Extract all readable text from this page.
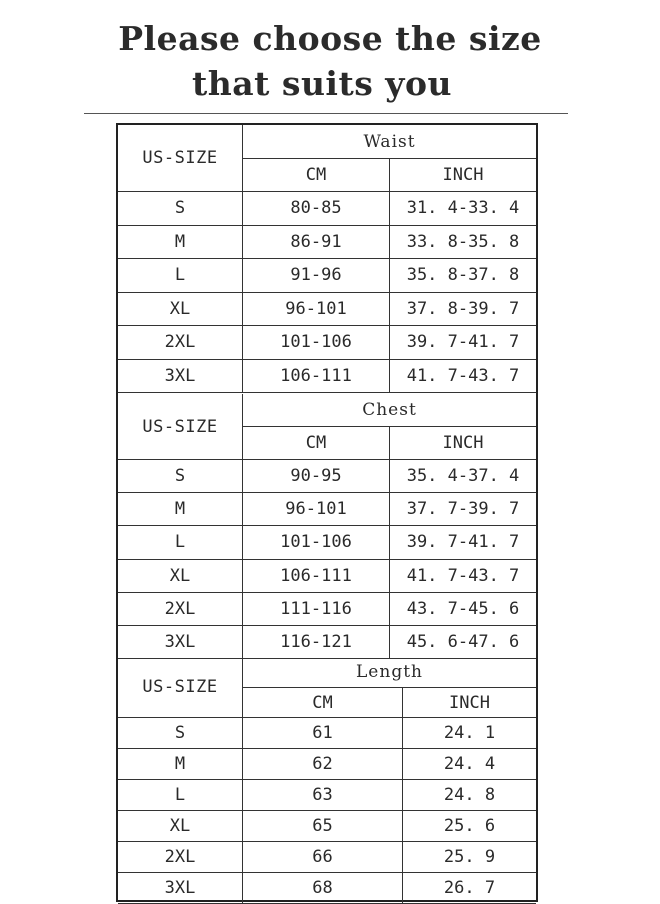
Please choose the size
that suits you
US-SIZE
Waist
CM	INCH
S	80-85	31. 4-33. 4
M	86-91	33. 8-35. 8
L	91-96	35. 8-37. 8
XL	96-101	37. 8-39. 7
2XL	101-106	39. 7-41. 7
3XL	106-111	41. 7-43. 7
US-SIZE
Chest
CM	INCH
S	90-95	35. 4-37. 4
M	96-101	37. 7-39. 7
L	101-106	39. 7-41. 7
XL	106-111	41. 7-43. 7
2XL	111-116	43. 7-45. 6
3XL	116-121	45. 6-47. 6
US-SIZE
Length
CM	INCH
S	61	24. 1
M	62	24. 4
L	63	24. 8
XL	65	25. 6
2XL	66	25. 9
3XL	68	26. 7
